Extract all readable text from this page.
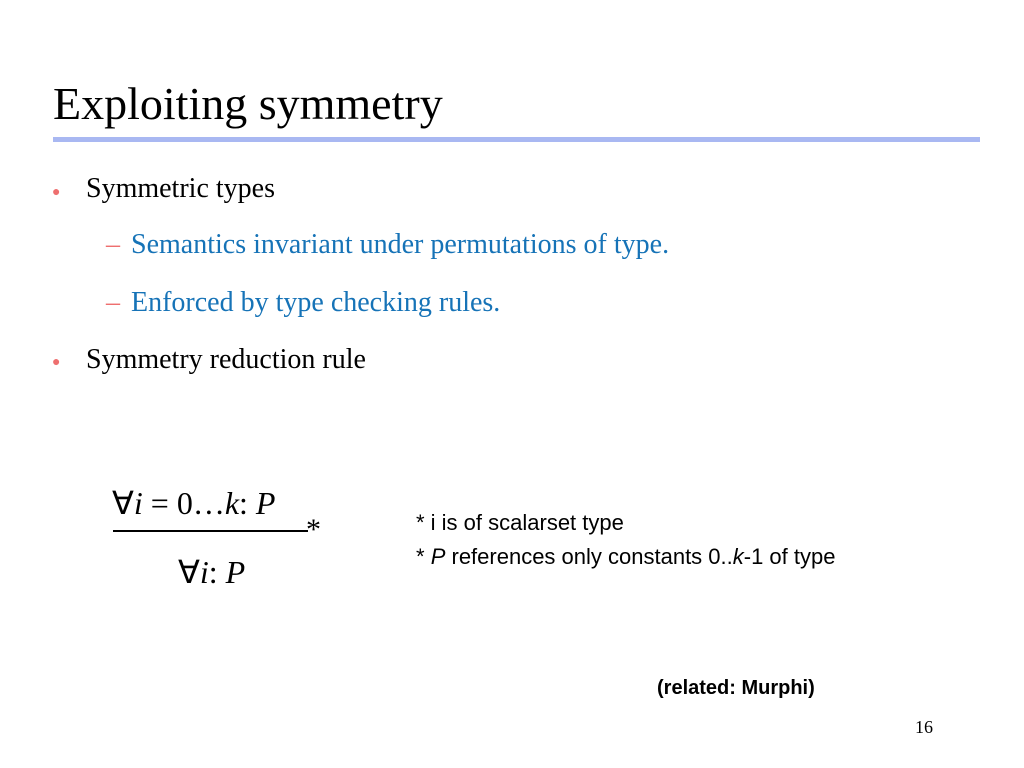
Exploiting symmetry
● Symmetric types
– Semantics invariant under permutations of type.
– Enforced by type checking rules.
● Symmetry reduction rule
∀i = 0…k: P
*
∀i: P
* i is of scalarset type
* P references only constants 0..k-1 of type
(related: Murphi)
16
